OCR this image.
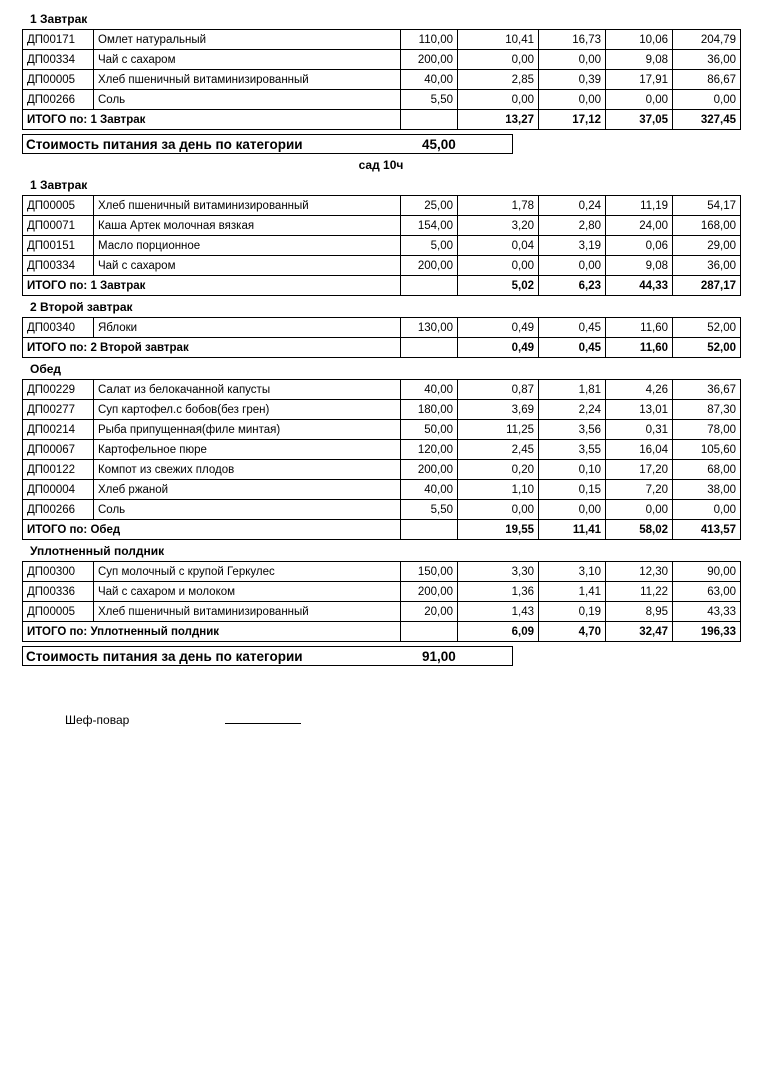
1 Завтрак
ДП00171	Омлет натуральный	110,00	10,41	16,73	10,06	204,79
ДП00334	Чай с сахаром	200,00	0,00	0,00	9,08	36,00
ДП00005	Хлеб пшеничный витаминизированный	40,00	2,85	0,39	17,91	86,67
ДП00266	Соль	5,50	0,00	0,00	0,00	0,00
ИТОГО по: 1 Завтрак			13,27	17,12	37,05	327,45
Стоимость питания за день по категории	45,00
сад 10ч
1 Завтрак
ДП00005	Хлеб пшеничный витаминизированный	25,00	1,78	0,24	11,19	54,17
ДП00071	Каша Артек молочная вязкая	154,00	3,20	2,80	24,00	168,00
ДП00151	Масло порционное	5,00	0,04	3,19	0,06	29,00
ДП00334	Чай с сахаром	200,00	0,00	0,00	9,08	36,00
ИТОГО по: 1 Завтрак			5,02	6,23	44,33	287,17
2 Второй завтрак
ДП00340	Яблоки	130,00	0,49	0,45	11,60	52,00
ИТОГО по: 2 Второй завтрак			0,49	0,45	11,60	52,00
Обед
ДП00229	Салат из белокачанной капусты	40,00	0,87	1,81	4,26	36,67
ДП00277	Суп картофел.с бобов(без грен)	180,00	3,69	2,24	13,01	87,30
ДП00214	Рыба припущенная(филе минтая)	50,00	11,25	3,56	0,31	78,00
ДП00067	Картофельное пюре	120,00	2,45	3,55	16,04	105,60
ДП00122	Компот из свежих плодов	200,00	0,20	0,10	17,20	68,00
ДП00004	Хлеб ржаной	40,00	1,10	0,15	7,20	38,00
ДП00266	Соль	5,50	0,00	0,00	0,00	0,00
ИТОГО по: Обед			19,55	11,41	58,02	413,57
Уплотненный полдник
ДП00300	Суп молочный с крупой Геркулес	150,00	3,30	3,10	12,30	90,00
ДП00336	Чай с сахаром и молоком	200,00	1,36	1,41	11,22	63,00
ДП00005	Хлеб пшеничный витаминизированный	20,00	1,43	0,19	8,95	43,33
ИТОГО по: Уплотненный полдник			6,09	4,70	32,47	196,33
Стоимость питания за день по категории	91,00
Шеф-повар
